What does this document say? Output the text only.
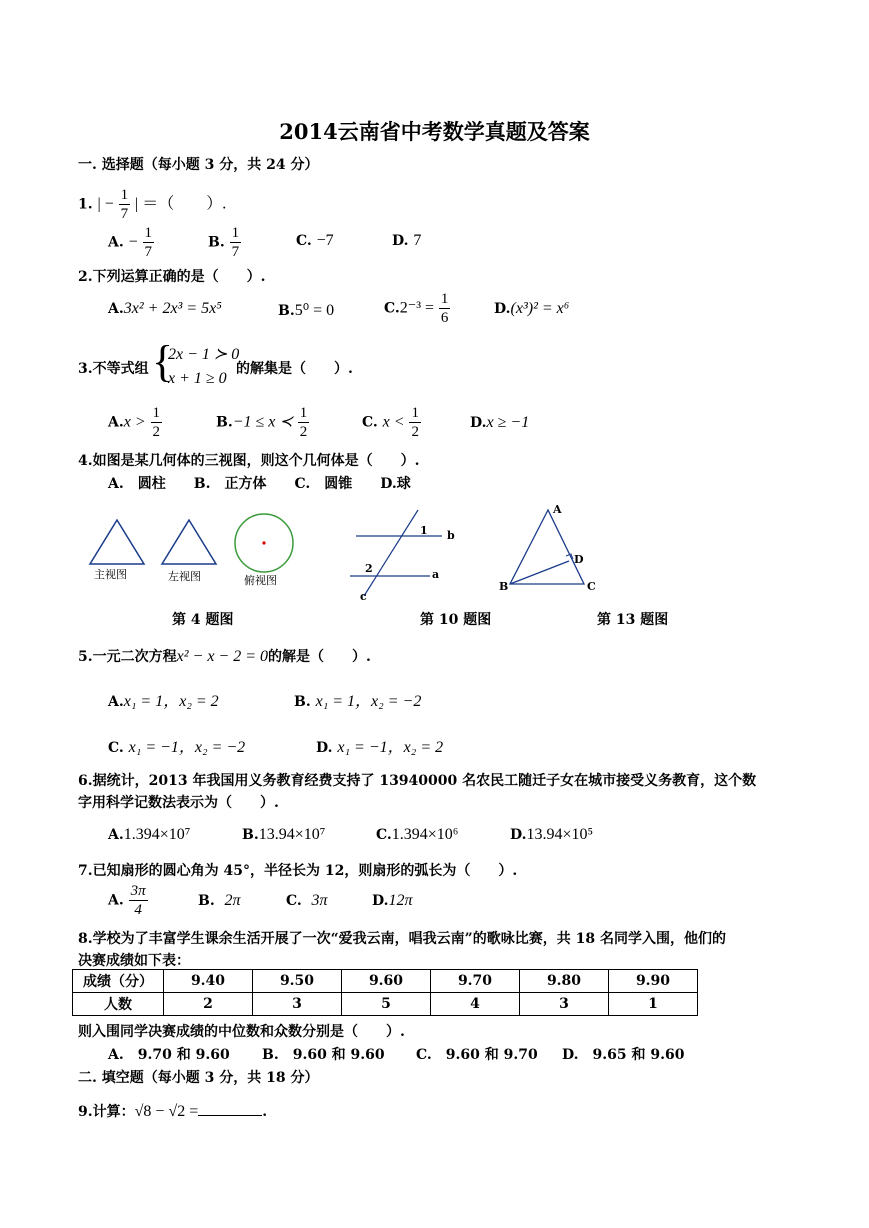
2014云南省中考数学真题及答案
一. 选择题（每小题 3 分，共 24 分）
1. | − $\frac{1}{7}$ | ＝（　　）.
A. − $\frac{1}{7}$	B. $\frac{1}{7}$	C. −7	D. 7
2.下列运算正确的是（　　）.
A.3x² + 2x³ = 5x⁵	B.5⁰ = 0	$C.2^{-3} = \frac{1}{6}$	D.(x³)² = x⁶
3.不等式组 {
2x − 1 ≻ 0
x + 1 ≥ 0
的解集是（　　）.
$A.x > \frac{1}{2}$	B.−1 ≤ x ≺ $\frac{1}{2}$	C. $x < \frac{1}{2}$	D.x ≥ −1
4.如图是某几何体的三视图，则这个几何体是（　　）.
A.　圆柱　　B.　正方体　　C.　圆锥　　D.球
主视图	左视图	俯视图
第 4 题图
1 b
2	a
c
第 10 题图
A
D
B	C
第 13 题图
5.一元二次方程x² − x − 2 = 0的解是（　　）.
A.x₁ = 1，x₂ = 2	B. x₁ = 1，x₂ = −2
C. x₁ = −1，x₂ = −2	D. x₁ = −1，x₂ = 2
6.据统计，2013 年我国用义务教育经费支持了 13940000 名农民工随迁子女在城市接受义务教育，这个数
字用科学记数法表示为（　　）.
A.1.394×10⁷	B.13.94×10⁷	C.1.394×10⁶	D.13.94×10⁵
7.已知扇形的圆心角为 45°，半径长为 12，则扇形的弧长为（　　）.
A. $\frac{3\pi}{4}$	B. 2π	C. 3π	D.12π
8.学校为了丰富学生课余生活开展了一次“爱我云南，唱我云南”的歌咏比赛，共 18 名同学入围，他们的
决赛成绩如下表：
成绩（分）	9.40	9.50	9.60	9.70	9.80	9.90
人数	2	3	5	4	3	1
则入围同学决赛成绩的中位数和众数分别是（　　）.
A.　9.70 和 9.60 B.　9.60 和 9.60 C.　9.60 和 9.70 D.　9.65 和 9.60
二. 填空题（每小题 3 分，共 18 分）
9.计算：√8 − √2 =	.
